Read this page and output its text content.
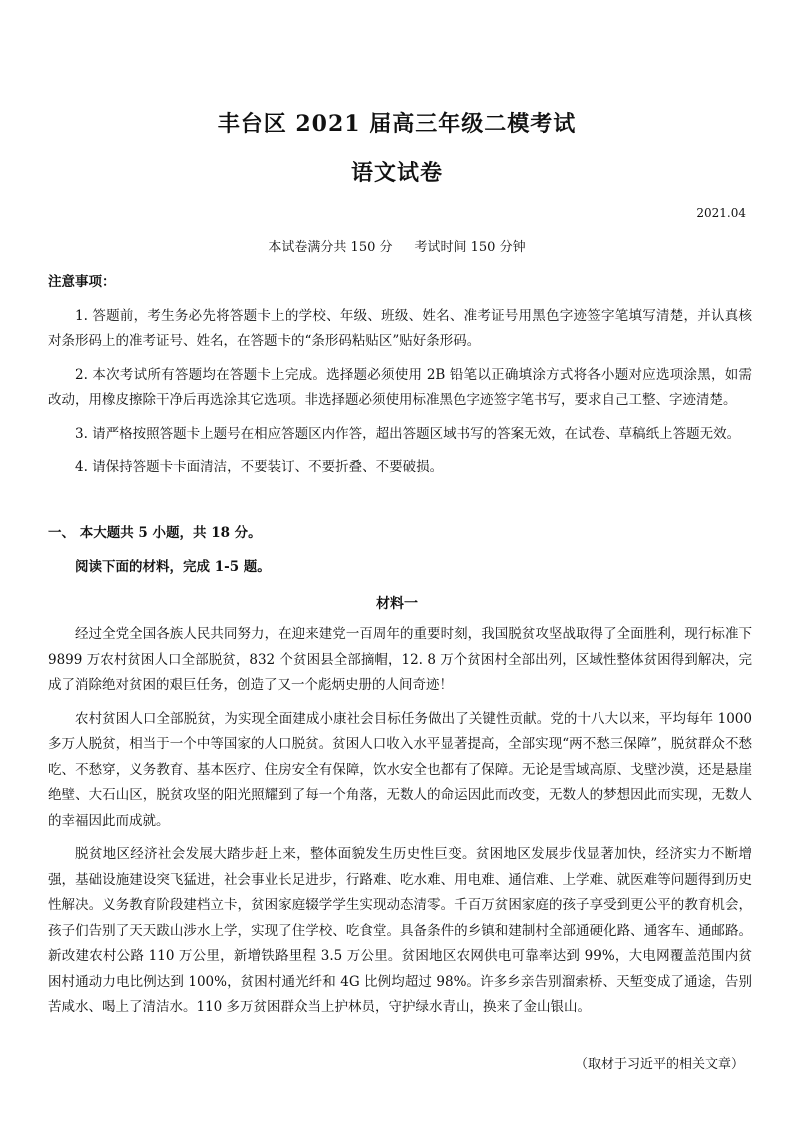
丰台区 2021 届高三年级二模考试
语文试卷
2021.04
本试卷满分共 150 分 考试时间 150 分钟

注意事项：

1. 答题前，考生务必先将答题卡上的学校、年级、班级、姓名、准考证号用黑色字迹签字笔填写清楚，并认真核对条形码上的准考证号、姓名，在答题卡的“条形码粘贴区”贴好条形码。

2. 本次考试所有答题均在答题卡上完成。选择题必须使用 2B 铅笔以正确填涂方式将各小题对应选项涂黑，如需改动，用橡皮擦除干净后再选涂其它选项。非选择题必须使用标准黑色字迹签字笔书写，要求自己工整、字迹清楚。

3. 请严格按照答题卡上题号在相应答题区内作答，超出答题区域书写的答案无效，在试卷、草稿纸上答题无效。

4. 请保持答题卡卡面清洁，不要装订、不要折叠、不要破损。

一、 本大题共 5 小题，共 18 分。

阅读下面的材料，完成 1-5 题。

材料一

经过全党全国各族人民共同努力，在迎来建党一百周年的重要时刻，我国脱贫攻坚战取得了全面胜利，现行标准下 9899 万农村贫困人口全部脱贫，832 个贫困县全部摘帽，12. 8 万个贫困村全部出列，区域性整体贫困得到解决，完成了消除绝对贫困的艰巨任务，创造了又一个彪炳史册的人间奇迹！

农村贫困人口全部脱贫，为实现全面建成小康社会目标任务做出了关键性贡献。党的十八大以来，平均每年 1000 多万人脱贫，相当于一个中等国家的人口脱贫。贫困人口收入水平显著提高，全部实现“两不愁三保障”，脱贫群众不愁吃、不愁穿，义务教育、基本医疗、住房安全有保障，饮水安全也都有了保障。无论是雪域高原、戈壁沙漠，还是悬崖绝壁、大石山区，脱贫攻坚的阳光照耀到了每一个角落，无数人的命运因此而改变，无数人的梦想因此而实现，无数人的幸福因此而成就。

脱贫地区经济社会发展大踏步赶上来，整体面貌发生历史性巨变。贫困地区发展步伐显著加快，经济实力不断增强，基础设施建设突飞猛进，社会事业长足进步，行路难、吃水难、用电难、通信难、上学难、就医难等问题得到历史性解决。义务教育阶段建档立卡，贫困家庭辍学学生实现动态清零。千百万贫困家庭的孩子享受到更公平的教育机会，孩子们告别了天天跋山涉水上学，实现了住学校、吃食堂。具备条件的乡镇和建制村全部通硬化路、通客车、通邮路。新改建农村公路 110 万公里，新增铁路里程 3.5 万公里。贫困地区农网供电可靠率达到 99%，大电网覆盖范围内贫困村通动力电比例达到 100%，贫困村通光纤和 4G 比例均超过 98%。许多乡亲告别溜索桥、天堑变成了通途，告别苦咸水、喝上了清洁水。110 多万贫困群众当上护林员，守护绿水青山，换来了金山银山。

（取材于习近平的相关文章）
